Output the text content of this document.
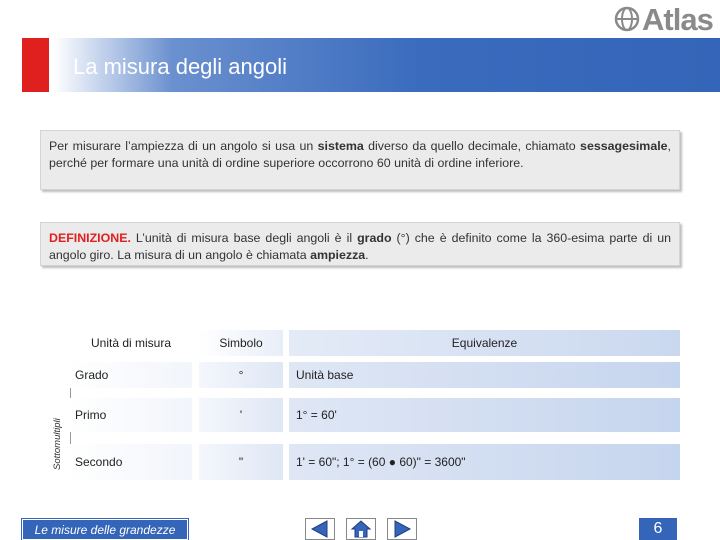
Atlas
La misura degli angoli
Per misurare l’ampiezza di un angolo si usa un sistema diverso da quello decimale, chiamato sessagesimale, perché per formare una unità di ordine superiore occorrono 60 unità di ordine inferiore.
DEFINIZIONE. L’unità di misura base degli angoli è il grado (°) che è definito come la 360-esima parte di un angolo giro. La misura di un angolo è chiamata ampiezza.
Sottomultipli
Unità di misura	Simbolo	Equivalenze
Grado	°	Unità base
Primo	'	1° = 60'
Secondo	"	1' = 60"; 1° = (60 ● 60)" = 3600"
Le misure delle grandezze	6
